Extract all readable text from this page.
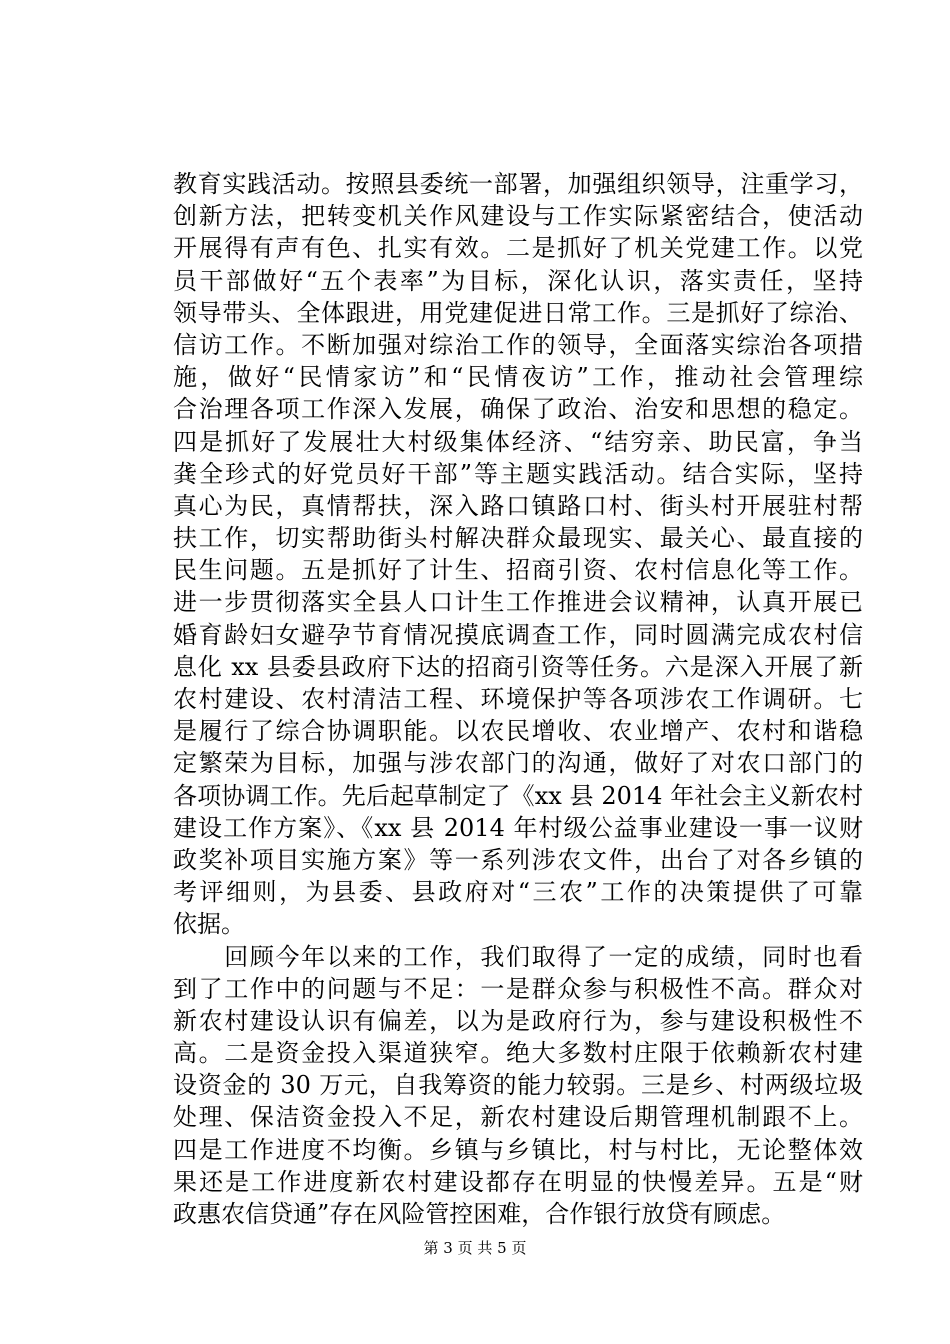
教育实践活动。按照县委统一部署，加强组织领导，注重学习，
创新方法，把转变机关作风建设与工作实际紧密结合，使活动
开展得有声有色、扎实有效。二是抓好了机关党建工作。以党
员干部做好“五个表率”为目标，深化认识，落实责任，坚持
领导带头、全体跟进，用党建促进日常工作。三是抓好了综治、
信访工作。不断加强对综治工作的领导，全面落实综治各项措
施，做好“民情家访”和“民情夜访”工作，推动社会管理综
合治理各项工作深入发展，确保了政治、治安和思想的稳定。
四是抓好了发展壮大村级集体经济、“结穷亲、助民富，争当
龚全珍式的好党员好干部”等主题实践活动。结合实际，坚持
真心为民，真情帮扶，深入路口镇路口村、街头村开展驻村帮
扶工作，切实帮助街头村解决群众最现实、最关心、最直接的
民生问题。五是抓好了计生、招商引资、农村信息化等工作。
进一步贯彻落实全县人口计生工作推进会议精神，认真开展已
婚育龄妇女避孕节育情况摸底调查工作，同时圆满完成农村信
息化 xx 县委县政府下达的招商引资等任务。六是深入开展了新
农村建设、农村清洁工程、环境保护等各项涉农工作调研。七
是履行了综合协调职能。以农民增收、农业增产、农村和谐稳
定繁荣为目标，加强与涉农部门的沟通，做好了对农口部门的
各项协调工作。先后起草制定了《xx 县 2014 年社会主义新农村
建设工作方案》、《xx 县 2014 年村级公益事业建设一事一议财
政奖补项目实施方案》等一系列涉农文件，出台了对各乡镇的
考评细则，为县委、县政府对“三农”工作的决策提供了可靠
依据。
　　回顾今年以来的工作，我们取得了一定的成绩，同时也看
到了工作中的问题与不足：一是群众参与积极性不高。群众对
新农村建设认识有偏差，以为是政府行为，参与建设积极性不
高。二是资金投入渠道狭窄。绝大多数村庄限于依赖新农村建
设资金的 30 万元，自我筹资的能力较弱。三是乡、村两级垃圾
处理、保洁资金投入不足，新农村建设后期管理机制跟不上。
四是工作进度不均衡。乡镇与乡镇比，村与村比，无论整体效
果还是工作进度新农村建设都存在明显的快慢差异。五是“财
政惠农信贷通”存在风险管控困难，合作银行放贷有顾虑。
第 3 页 共 5 页
